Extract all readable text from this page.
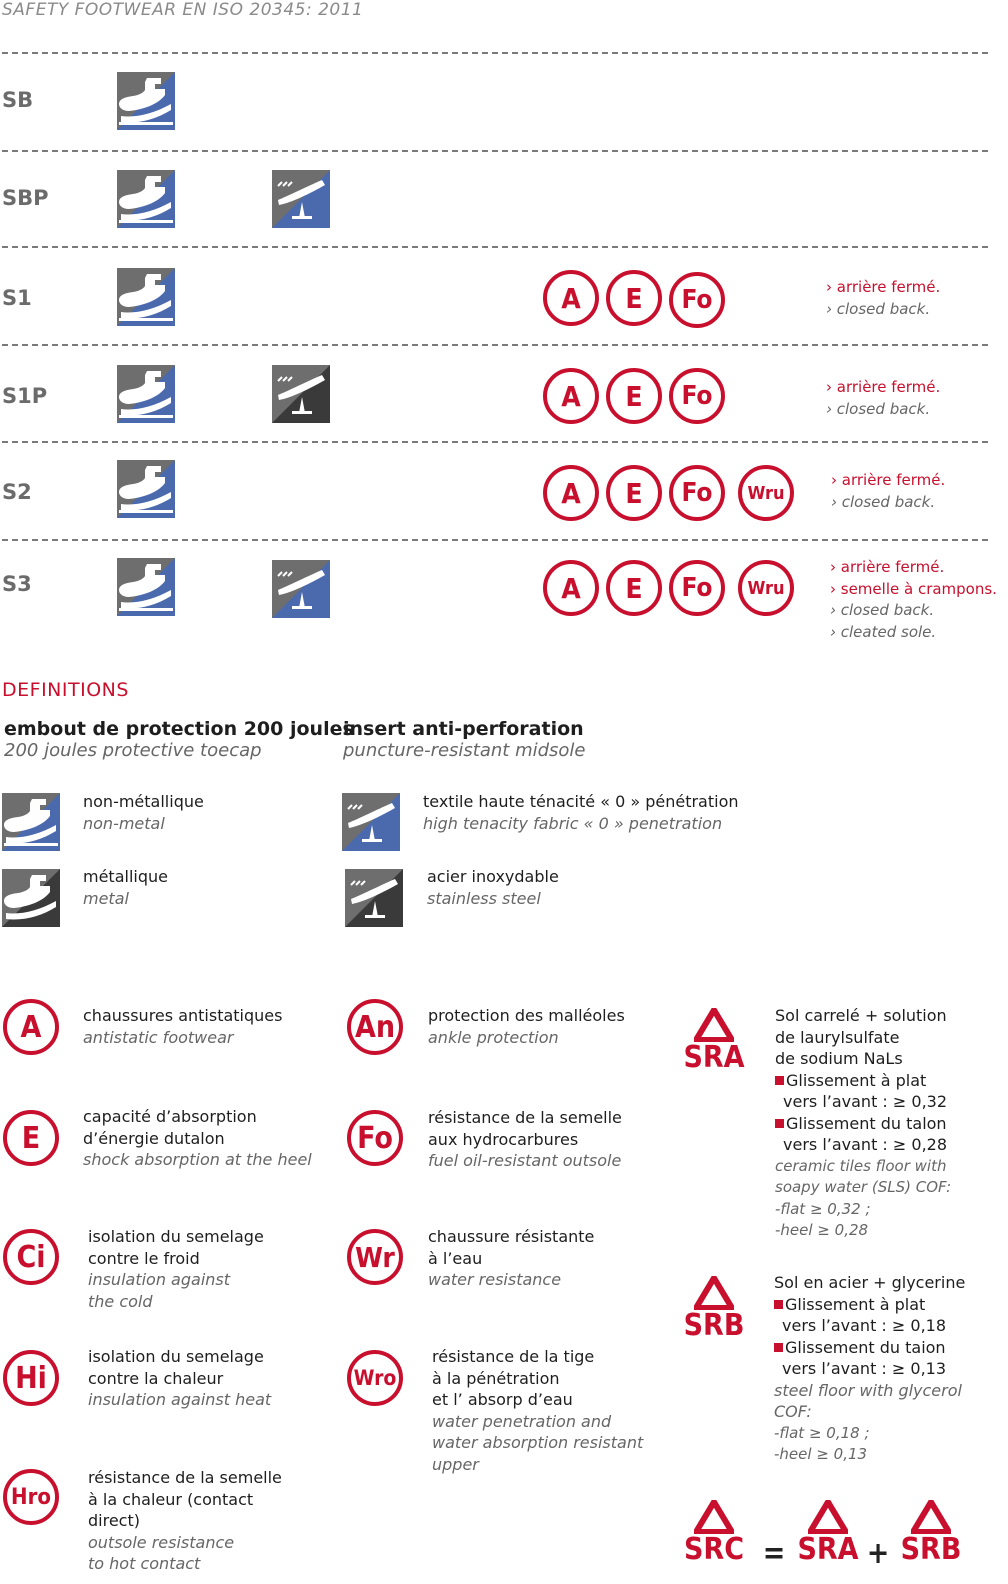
SAFETY FOOTWEAR EN ISO 20345: 2011
SB
SBP
S1	A	E	Fo	› arrière fermé.
› closed back.
S1P	A	E	Fo	› arrière fermé.
› closed back.
S2	A	E	Fo	Wru
› arrière fermé.
› closed back.
S3	A	E	Fo	Wru
› arrière fermé.
› semelle à crampons.
› closed back.
› cleated sole.
DEFINITIONS
embout de protection 200 joules
200 joules protective toecap
insert anti-perforation
puncture-resistant midsole
non-métallique
non-metal
métallique
metal
textile haute ténacité « 0 » pénétration
high tenacity fabric « 0 » penetration
acier inoxydable
stainless steel
A	chaussures antistatiques
antistatic footwear
E
capacité d’absorption
d’énergie dutalon
shock absorption at the heel
Ci
isolation du semelage
contre le froid
insulation against
the cold
Hi
isolation du semelage
contre la chaleur
insulation against heat
Hro
résistance de la semelle
à la chaleur (contact
direct)
outsole resistance
to hot contact
An	protection des malléoles
ankle protection
Fo
résistance de la semelle
aux hydrocarbures
fuel oil-resistant outsole
Wr
chaussure résistante
à l’eau
water resistance
Wro
résistance de la tige
à la pénétration
et l’ absorp d’eau
water penetration and
water absorption resistant
upper
SRA
Sol carrelé + solution
de laurylsulfate
de sodium NaLs
Glissement à plat
vers l’avant : ≥ 0,32
Glissement du talon
vers l’avant : ≥ 0,28
ceramic tiles floor with
soapy water (SLS) COF:
-flat ≥ 0,32 ;
-heel ≥ 0,28
SRB
Sol en acier + glycerine
Glissement à plat
vers l’avant : ≥ 0,18
Glissement du taion
vers l’avant : ≥ 0,13
steel floor with glycerol
COF:
-flat ≥ 0,18 ;
-heel ≥ 0,13
SRC = SRA + SRB
